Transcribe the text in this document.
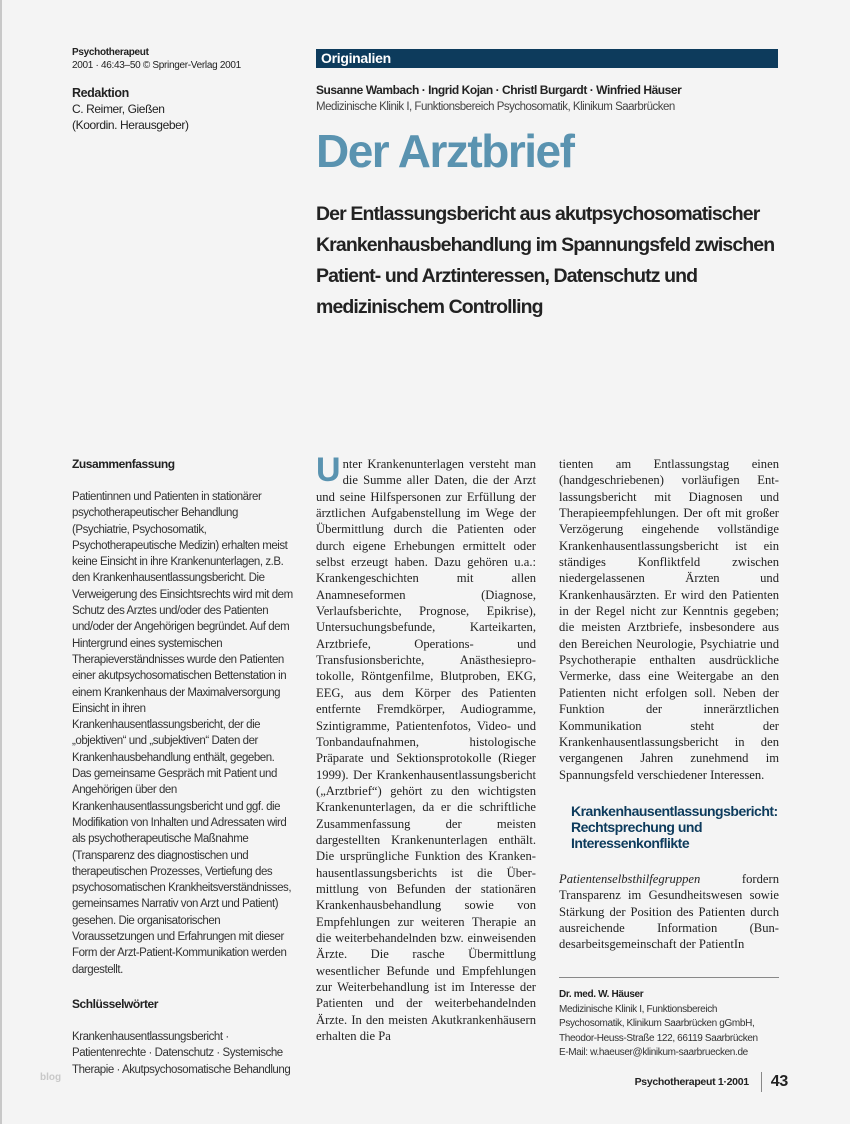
Psychotherapeut
2001 · 46:43–50 © Springer-Verlag 2001
Redaktion
C. Reimer, Gießen
(Koordin. Herausgeber)
Originalien
Susanne Wambach · Ingrid Kojan · Christl Burgardt · Winfried Häuser
Medizinische Klinik I, Funktionsbereich Psychosomatik, Klinikum Saarbrücken
Der Arztbrief
Der Entlassungsbericht aus akutpsychosomatischer Krankenhausbehandlung im Spannungsfeld zwischen Patient- und Arztinteressen, Datenschutz und medizinischem Controlling
Zusammenfassung

Patientinnen und Patienten in stationärer psychotherapeutischer Behandlung (Psychiatrie, Psychosomatik, Psychotherapeutische Medizin) erhalten meist keine Einsicht in ihre Krankenunterlagen, z.B. den Krankenhausentlassungsbericht. Die Verweigerung des Einsichtsrechts wird mit dem Schutz des Arztes und/oder des Patienten und/oder der Angehörigen begründet. Auf dem Hintergrund eines systemischen Therapieverständnisses wurde den Patienten einer akutpsychosomatischen Bettenstation in einem Krankenhaus der Maximalversorgung Einsicht in ihren Krankenhausentlassungsbericht, der die „objektiven“ und „subjektiven“ Daten der Krankenhausbehandlung enthält, gegeben. Das gemeinsame Gespräch mit Patient und Angehörigen über den Krankenhausentlassungsbericht und ggf. die Modifikation von Inhalten und Adressaten wird als psychotherapeutische Maßnahme (Transparenz des diagnostischen und therapeutischen Prozesses, Vertiefung des psychosomatischen Krankheitsverständnisses, gemeinsames Narrativ von Arzt und Patient) gesehen. Die organisatorischen Voraussetzungen und Erfahrungen mit dieser Form der Arzt-Patient-Kommunikation werden dargestellt.

Schlüsselwörter

Krankenhausentlassungsbericht · Patientenrechte · Datenschutz · Systemische Therapie · Akutpsychosomatische Behandlung

U nter Krankenunterlagen versteht man die Summe aller Daten, die der Arzt und seine Hilfspersonen zur Erfüllung der ärztlichen Aufgabenstellung im Wege der Übermittlung durch die Patienten oder durch eigene Erhebungen ermittelt oder selbst erzeugt haben. Dazu gehören u.a.: Krankengeschichten mit allen Anamneseformen (Diagnose, Verlaufsberichte, Prognose, Epikrise), Untersuchungsbefunde, Karteikarten, Arztbriefe, Operations- und Transfusionsberichte, Anästhesieprotokolle, Röntgenfilme, Blutproben, EKG, EEG, aus dem Körper des Patienten entfernte Fremdkörper, Audiogramme, Szintigramme, Patientenfotos, Video- und Tonbandaufnahmen, histologische Präparate und Sektionsprotokolle (Rieger 1999). Der Krankenhausentlassungsbericht („Arztbrief“) gehört zu den wichtigsten Krankenunterlagen, da er die schriftliche Zusammenfassung der meisten dargestellten Krankenunterlagen enthält. Die ursprüngliche Funktion des Krankenhausentlassungsberichts ist die Übermittlung von Befunden der stationären Krankenhausbehandlung sowie von Empfehlungen zur weiteren Therapie an die weiterbehandelnden bzw. einweisenden Ärzte. Die rasche Übermittlung wesentlicher Befunde und Empfehlungen zur Weiterbehandlung ist im Interesse der Patienten und der weiterbehandelnden Ärzte. In den meisten Akutkrankenhäusern erhalten die Pa

tienten am Entlassungstag einen (handgeschriebenen) vorläufigen Entlassungsbericht mit Diagnosen und Therapieempfehlungen. Der oft mit großer Verzögerung eingehende vollständige Krankenhausentlassungsbericht ist ein ständiges Konfliktfeld zwischen niedergelassenen Ärzten und Krankenhausärzten. Er wird den Patienten in der Regel nicht zur Kenntnis gegeben; die meisten Arztbriefe, insbesondere aus den Bereichen Neurologie, Psychiatrie und Psychotherapie enthalten ausdrückliche Vermerke, dass eine Weitergabe an den Patienten nicht erfolgen soll. Neben der Funktion der innerärztlichen Kommunikation steht der Krankenhausentlassungsbericht in den vergangenen Jahren zunehmend im Spannungsfeld verschiedener Interessen.

Krankenhausentlassungsbericht: Rechtsprechung und Interessenkonflikte

Patientenselbsthilfegruppen fordern Transparenz im Gesundheitswesen sowie Stärkung der Position des Patienten durch ausreichende Information (Bundesarbeitsgemeinschaft der PatientIn

Dr. med. W. Häuser
Medizinische Klinik I, Funktionsbereich
Psychosomatik, Klinikum Saarbrücken gGmbH,
Theodor-Heuss-Straße 122, 66119 Saarbrücken
E-Mail: w.haeuser@klinikum-saarbruecken.de
blog	Psychotherapeut 1·2001 43
